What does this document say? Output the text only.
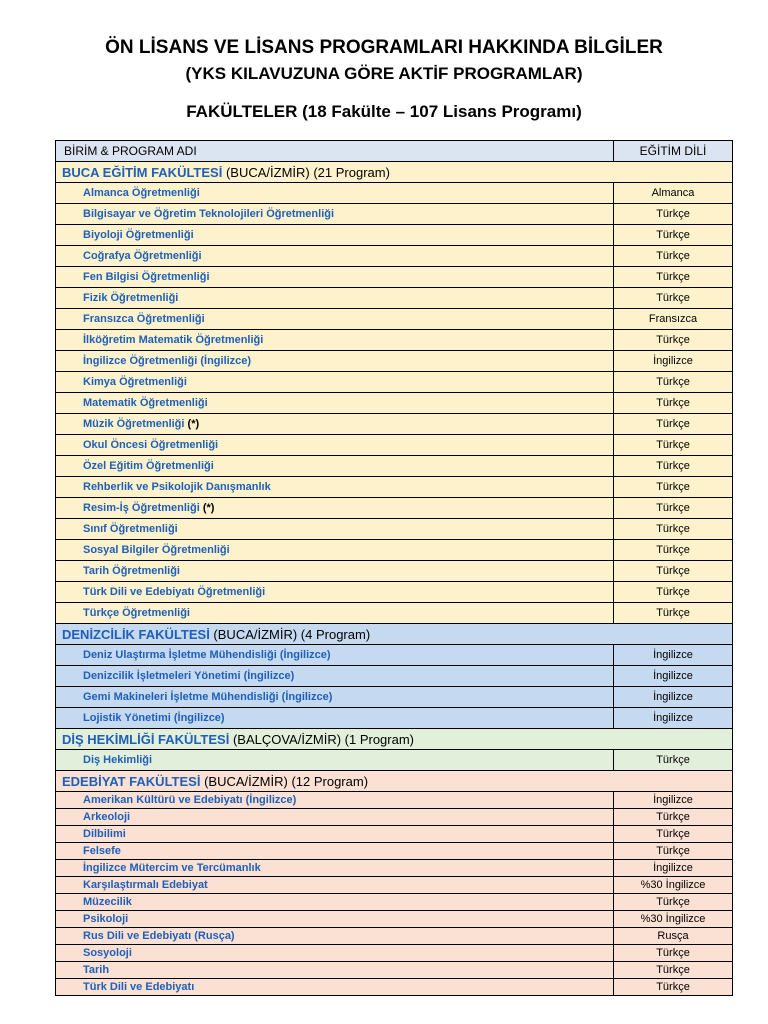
ÖN LİSANS VE LİSANS PROGRAMLARI HAKKINDA BİLGİLER

(YKS KILAVUZUNA GÖRE AKTİF PROGRAMLAR)

FAKÜLTELER (18 Fakülte – 107 Lisans Programı)

BİRİM & PROGRAM ADI	EĞİTİM DİLİ
BUCA EĞİTİM FAKÜLTESİ (BUCA/İZMİR) (21 Program)	
Almanca Öğretmenliği	Almanca
Bilgisayar ve Öğretim Teknolojileri Öğretmenliği	Türkçe
Biyoloji Öğretmenliği	Türkçe
Coğrafya Öğretmenliği	Türkçe
Fen Bilgisi Öğretmenliği	Türkçe
Fizik Öğretmenliği	Türkçe
Fransızca Öğretmenliği	Fransızca
İlköğretim Matematik Öğretmenliği	Türkçe
İngilizce Öğretmenliği (İngilizce)	İngilizce
Kimya Öğretmenliği	Türkçe
Matematik Öğretmenliği	Türkçe
Müzik Öğretmenliği (*)	Türkçe
Okul Öncesi Öğretmenliği	Türkçe
Özel Eğitim Öğretmenliği	Türkçe
Rehberlik ve Psikolojik Danışmanlık	Türkçe
Resim-İş Öğretmenliği (*)	Türkçe
Sınıf Öğretmenliği	Türkçe
Sosyal Bilgiler Öğretmenliği	Türkçe
Tarih Öğretmenliği	Türkçe
Türk Dili ve Edebiyatı Öğretmenliği	Türkçe
Türkçe Öğretmenliği	Türkçe
DENİZCİLİK FAKÜLTESİ (BUCA/İZMİR) (4 Program)	
Deniz Ulaştırma İşletme Mühendisliği (İngilizce)	İngilizce
Denizcilik İşletmeleri Yönetimi (İngilizce)	İngilizce
Gemi Makineleri İşletme Mühendisliği (İngilizce)	İngilizce
Lojistik Yönetimi (İngilizce)	İngilizce
DİŞ HEKİMLİĞİ FAKÜLTESİ (BALÇOVA/İZMİR) (1 Program)	
Diş Hekimliği	Türkçe
EDEBİYAT FAKÜLTESİ (BUCA/İZMİR) (12 Program)	
Amerikan Kültürü ve Edebiyatı (İngilizce)	İngilizce
Arkeoloji	Türkçe
Dilbilimi	Türkçe
Felsefe	Türkçe
İngilizce Mütercim ve Tercümanlık	İngilizce
Karşılaştırmalı Edebiyat	%30 İngilizce
Müzecilik	Türkçe
Psikoloji	%30 İngilizce
Rus Dili ve Edebiyatı (Rusça)	Rusça
Sosyoloji	Türkçe
Tarih	Türkçe
Türk Dili ve Edebiyatı	Türkçe
